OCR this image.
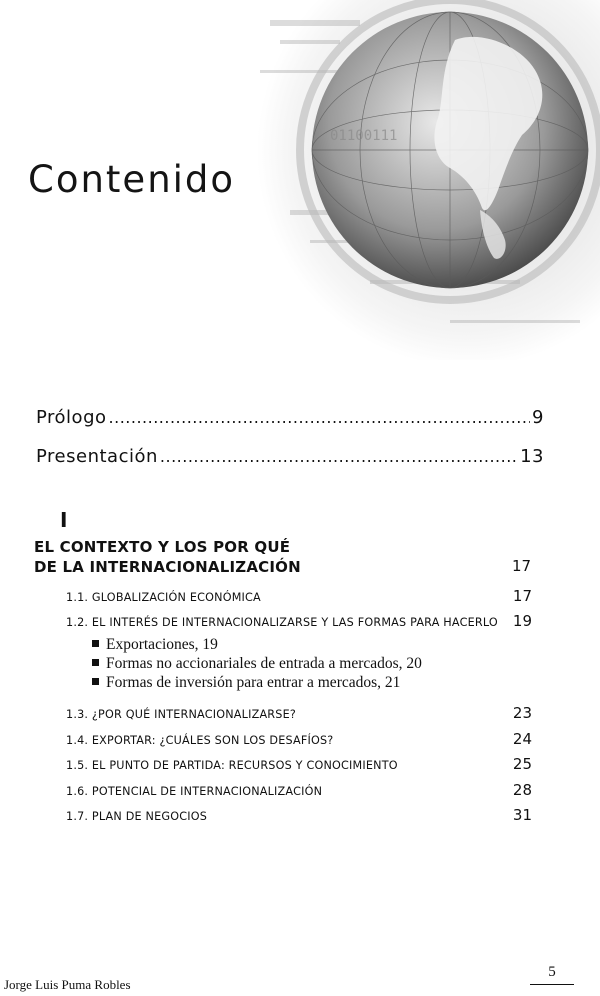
01100111
Contenido
Prólogo .....	9
Presentación .....	13

I

EL CONTEXTO Y LOS POR QUÉ
DE LA INTERNACIONALIZACIÓN	17
1.1. GLOBALIZACIÓN ECONÓMICA	17
1.2. EL INTERÉS DE INTERNACIONALIZARSE Y LAS FORMAS PARA HACERLO 19
Exportaciones, 19
Formas no accionariales de entrada a mercados, 20
Formas de inversión para entrar a mercados, 21
1.3. ¿POR QUÉ INTERNACIONALIZARSE?	23
1.4. EXPORTAR: ¿CUÁLES SON LOS DESAFÍOS?	24
1.5. EL PUNTO DE PARTIDA: RECURSOS Y CONOCIMIENTO	25
1.6. POTENCIAL DE INTERNACIONALIZACIÓN	28
1.7. PLAN DE NEGOCIOS	31

Jorge Luis Puma Robles

5
